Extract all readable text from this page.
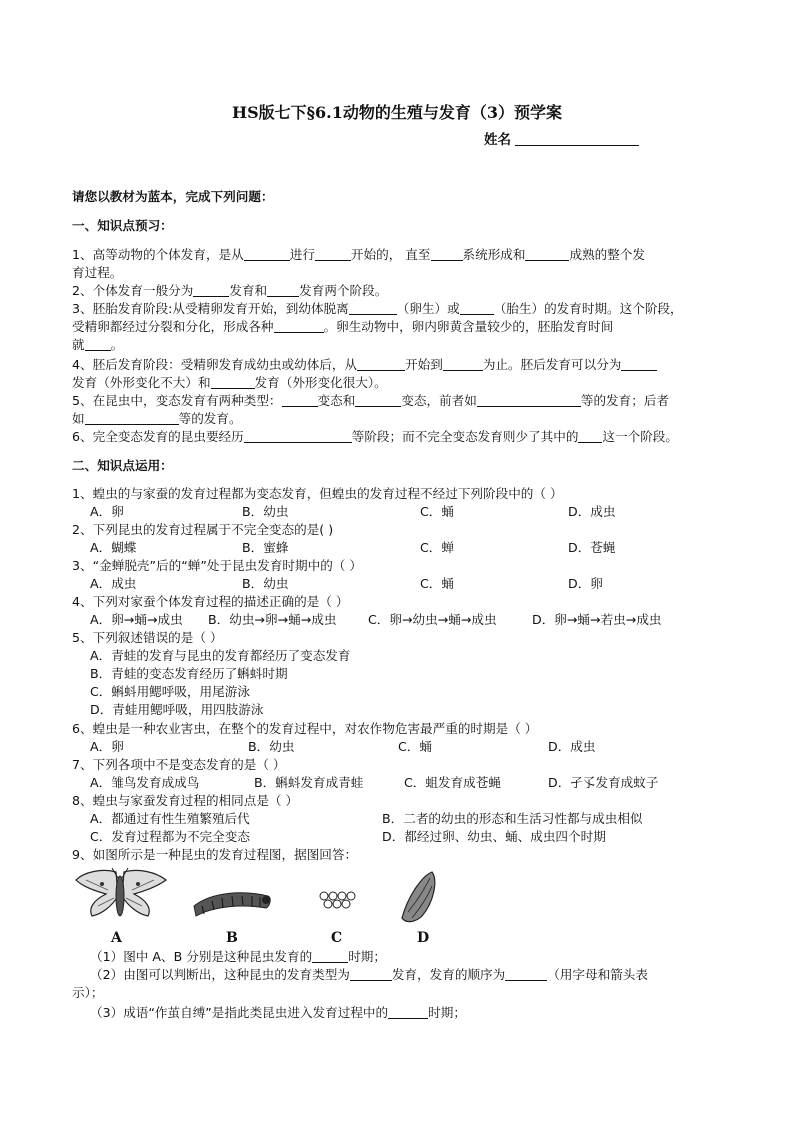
HS版七下§6.1动物的生殖与发育（3）预学案
姓名
请您以教材为蓝本，完成下列问题：
一、知识点预习：
1、高等动物的个体发育，是从	进行	开始的， 直至	系统形成和	成熟的整个发
育过程。
2、个体发育一般分为	发育和	发育两个阶段。
3、胚胎发育阶段:从受精卵发育开始，到幼体脱离	（卵生）或	（胎生）的发育时期。这个阶段，
受精卵都经过分裂和分化，形成各种	。卵生动物中，卵内卵黄含量较少的，胚胎发育时间
就 。
4、胚后发育阶段：受精卵发育成幼虫或幼体后，从	开始到	为止。胚后发育可以分为
发育（外形变化不大）和	发育（外形变化很大）。
5、在昆虫中，变态发育有两种类型：	变态和	变态，前者如	等的发育；后者
如	等的发育。
6、完全变态发育的昆虫要经历	等阶段；而不完全变态发育则少了其中的 这一个阶段。
二、知识点运用：
1、蝗虫的与家蚕的发育过程都为变态发育，但蝗虫的发育过程不经过下列阶段中的（ ）
A．卵	B．幼虫	C．蛹	D．成虫
2、下列昆虫的发育过程属于不完全变态的是( )
A．蝴蝶	B．蜜蜂	C．蝉	D．苍蝇
3、“金蝉脱壳”后的“蝉”处于昆虫发育时期中的（ ）
A．成虫	B．幼虫	C．蛹	D．卵
4、下列对家蚕个体发育过程的描述正确的是（ ）
A．卵→蛹→成虫 B．幼虫→卵→蛹→成虫	C．卵→幼虫→蛹→成虫	D．卵→蛹→若虫→成虫
5、下列叙述错误的是（ ）
A．青蛙的发育与昆虫的发育都经历了变态发育
B．青蛙的变态发育经历了蝌蚪时期
C．蝌蚪用鳃呼吸，用尾游泳
D．青蛙用鳃呼吸，用四肢游泳
6、蝗虫是一种农业害虫，在整个的发育过程中，对农作物危害最严重的时期是（ ）
A．卵	B．幼虫	C．蛹	D．成虫
7、下列各项中不是变态发育的是（ ）
A．雏鸟发育成成鸟	B．蝌蚪发育成青蛙	C．蛆发育成苍蝇	D．孑孓发育成蚊子
8、蝗虫与家蚕发育过程的相同点是（ ）
A．都通过有性生殖繁殖后代	B．二者的幼虫的形态和生活习性都与成虫相似
C．发育过程都为不完全变态	D．都经过卵、幼虫、蛹、成虫四个时期
9、如图所示是一种昆虫的发育过程图，据图回答：
A	B	C	D
（1）图中 A、B 分别是这种昆虫发育的	时期；
（2）由图可以判断出，这种昆虫的发育类型为	发育，发育的顺序为	（用字母和箭头表
示）；
（3）成语“作茧自缚”是指此类昆虫进入发育过程中的	时期；
